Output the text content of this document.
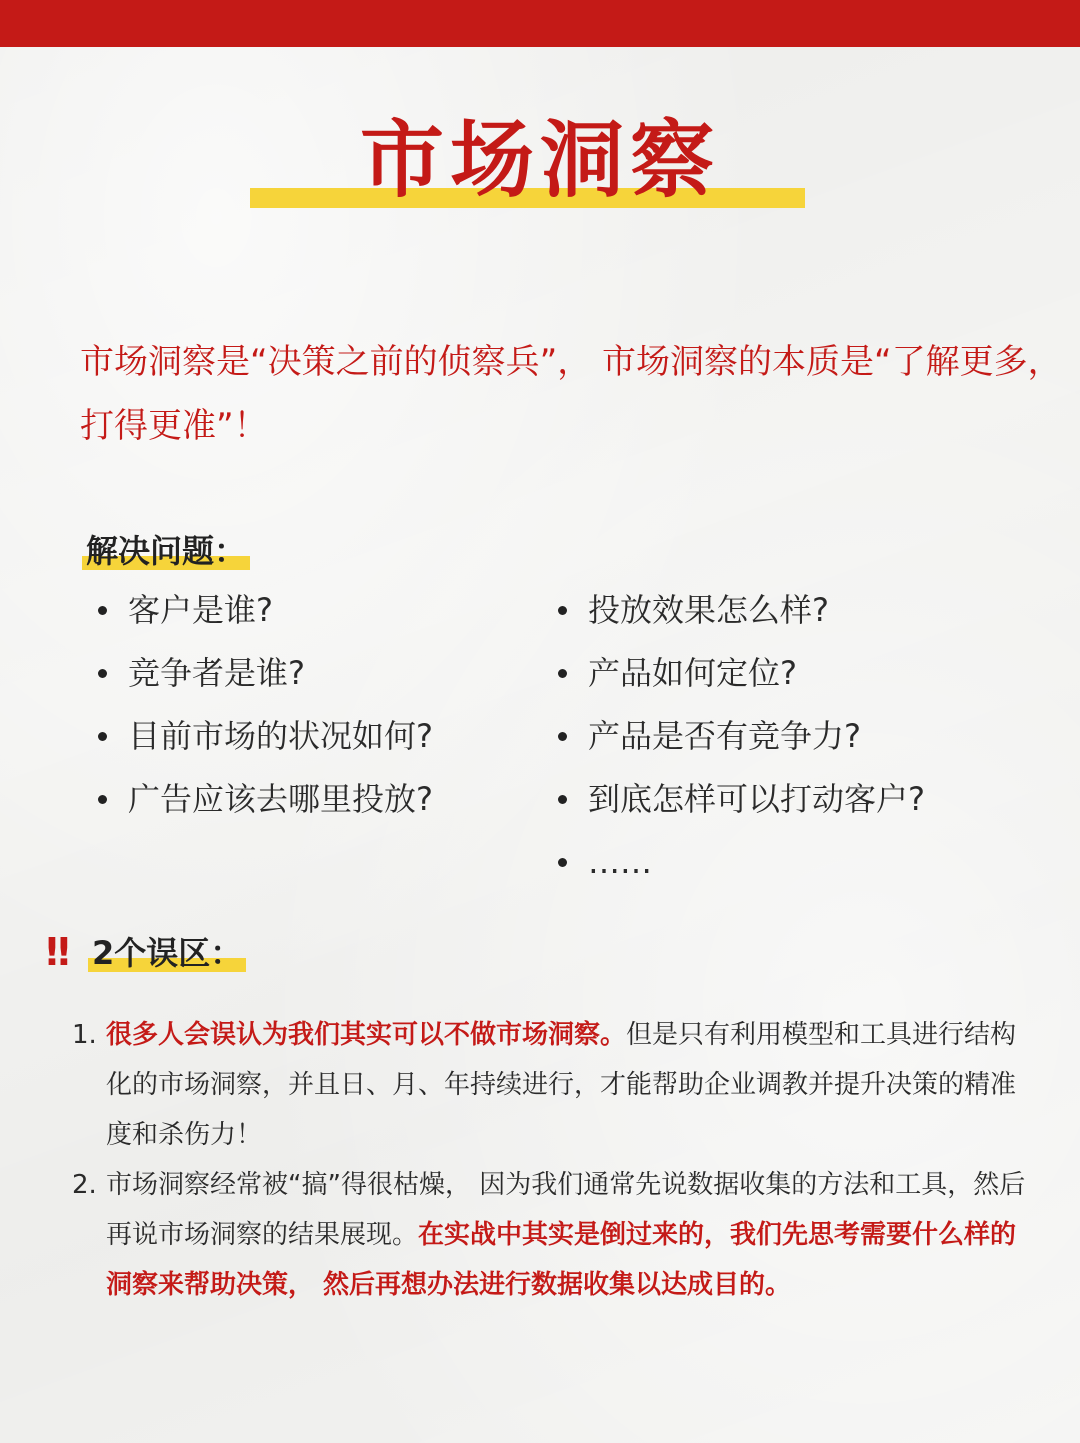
市场洞察
市场洞察是“决策之前的侦察兵”， 市场洞察的本质是“了解更多，打得更准”！
解决问题：
客户是谁?
竞争者是谁?
目前市场的状况如何?
广告应该去哪里投放?
投放效果怎么样?
产品如何定位?
产品是否有竞争力?
到底怎样可以打动客户?
……
‼ 2个误区：
1. 很多人会误认为我们其实可以不做市场洞察。但是只有利用模型和工具进行结构化的市场洞察，并且日、月、年持续进行，才能帮助企业调教并提升决策的精准度和杀伤力！
2. 市场洞察经常被“搞”得很枯燥， 因为我们通常先说数据收集的方法和工具，然后再说市场洞察的结果展现。在实战中其实是倒过来的，我们先思考需要什么样的洞察来帮助决策， 然后再想办法进行数据收集以达成目的。
